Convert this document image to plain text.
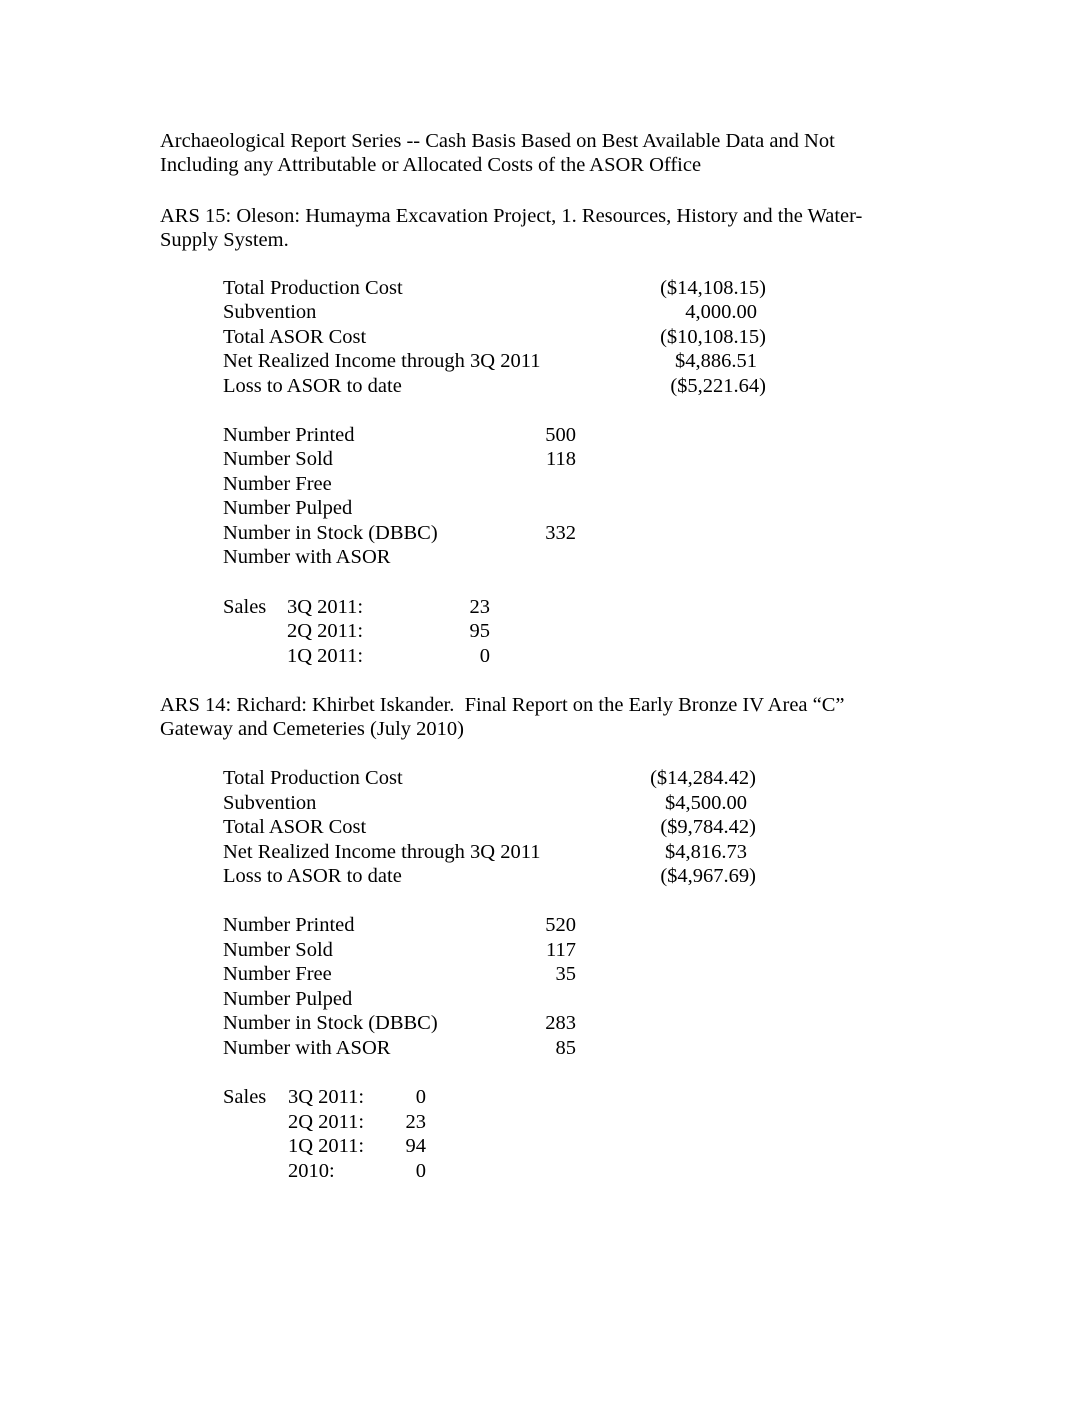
Archaeological Report Series -- Cash Basis Based on Best Available Data and Not
Including any Attributable or Allocated Costs of the ASOR Office
ARS 15: Oleson: Humayma Excavation Project, 1. Resources, History and the Water-
Supply System.
Total Production Cost	($14,108.15)
Subvention	4,000.00
Total ASOR Cost	($10,108.15)
Net Realized Income through 3Q 2011	$4,886.51
Loss to ASOR to date	($5,221.64)
Number Printed	500
Number Sold	118
Number Free
Number Pulped
Number in Stock (DBBC)	332
Number with ASOR
Sales 3Q 2011:	23
2Q 2011:	95
1Q 2011:	0
ARS 14: Richard: Khirbet Iskander.  Final Report on the Early Bronze IV Area “C”
Gateway and Cemeteries (July 2010)
Total Production Cost	($14,284.42)
Subvention	$4,500.00
Total ASOR Cost	($9,784.42)
Net Realized Income through 3Q 2011	$4,816.73
Loss to ASOR to date	($4,967.69)
Number Printed	520
Number Sold	117
Number Free	35
Number Pulped
Number in Stock (DBBC)	283
Number with ASOR	85
Sales 3Q 2011:	0
2Q 2011: 23
1Q 2011: 94
2010:	0
